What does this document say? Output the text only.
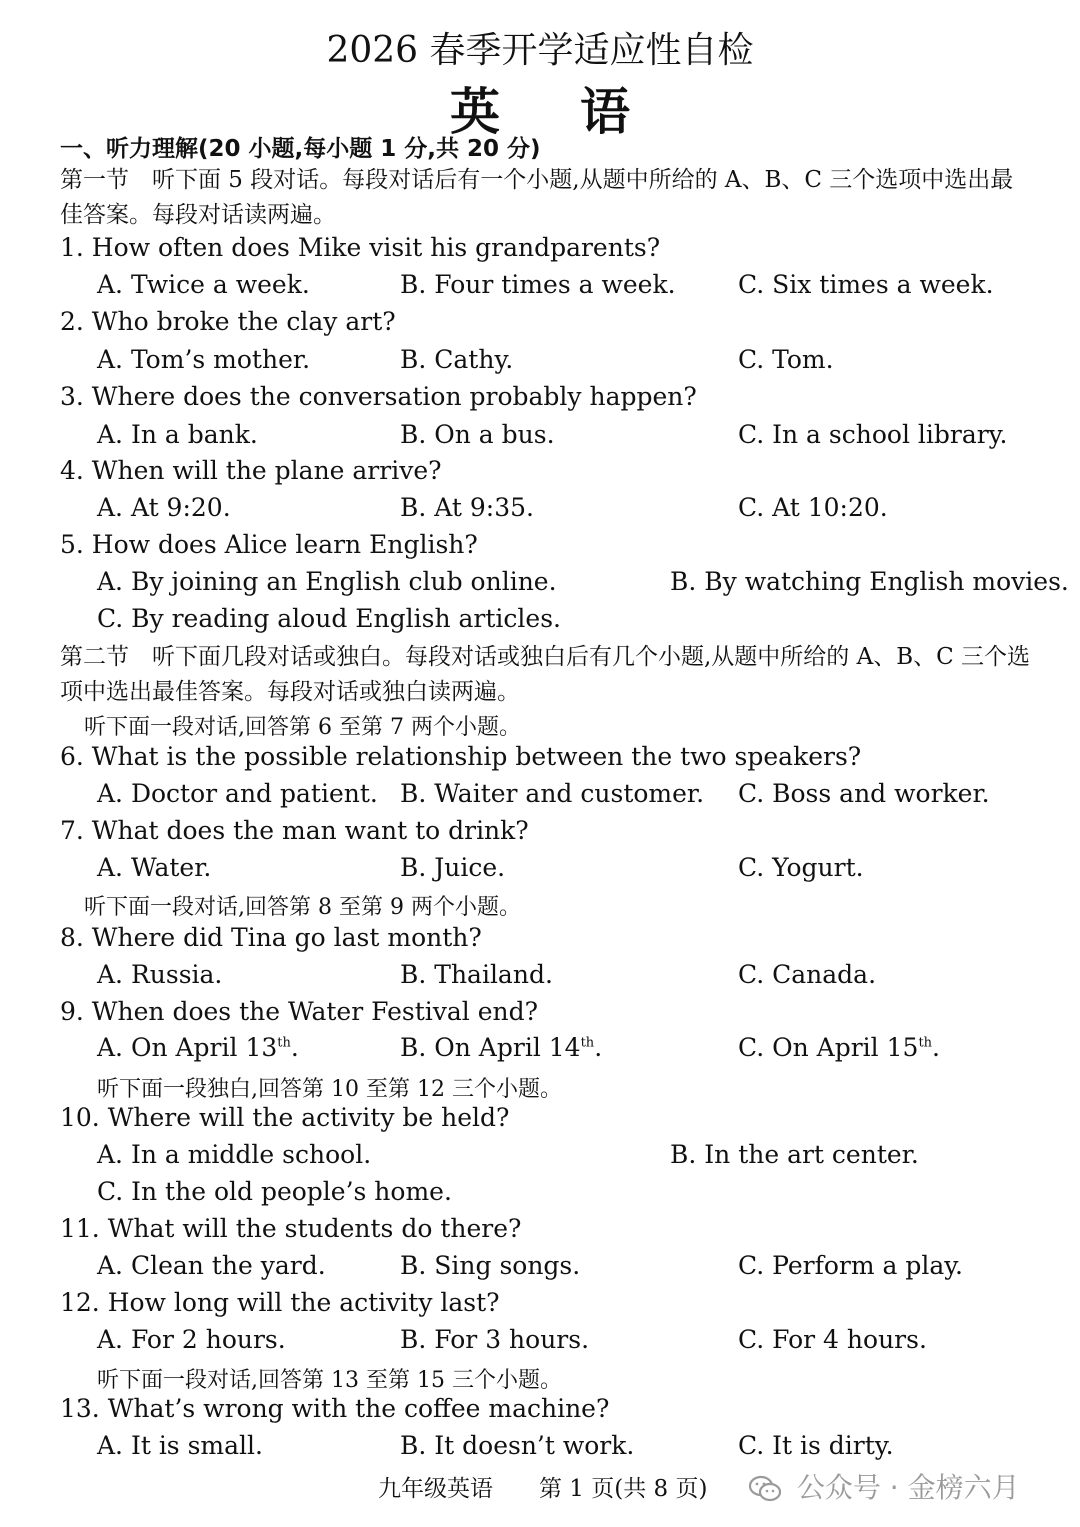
2026 春季开学适应性自检
英语
一、听力理解(20 小题,每小题 1 分,共 20 分)
第一节　听下面 5 段对话。每段对话后有一个小题,从题中所给的 A、B、C 三个选项中选出最佳答案。每段对话读两遍。
1. How often does Mike visit his grandparents?
A. Twice a week.	B. Four times a week. C. Six times a week.
2. Who broke the clay art?
A. Tom’s mother.	B. Cathy.	C. Tom.
3. Where does the conversation probably happen?
A. In a bank.	B. On a bus.	C. In a school library.
4. When will the plane arrive?
A. At 9:20.	B. At 9:35.	C. At 10:20.
5. How does Alice learn English?
A. By joining an English club online.	B. By watching English movies.
C. By reading aloud English articles.
6. What is the possible relationship between the two speakers?
A. Doctor and patient. B. Waiter and customer. C. Boss and worker.
7. What does the man want to drink?
A. Water.	B. Juice.	C. Yogurt.
8. Where did Tina go last month?
A. Russia.	B. Thailand.	C. Canada.
9. When does the Water Festival end?
A. On April 13th.	B. On April 14th.	C. On April 15th.
10. Where will the activity be held?
A. In a middle school.	B. In the art center.
C. In the old people’s home.
11. What will the students do there?
A. Clean the yard.	B. Sing songs.	C. Perform a play.
12. How long will the activity last?
A. For 2 hours.	B. For 3 hours.	C. For 4 hours.
13. What’s wrong with the coffee machine?
A. It is small.	B. It doesn’t work.	C. It is dirty.
第二节　听下面几段对话或独白。每段对话或独白后有几个小题,从题中所给的 A、B、C 三个选项中选出最佳答案。每段对话或独白读两遍。
听下面一段对话,回答第 6 至第 7 两个小题。
听下面一段对话,回答第 8 至第 9 两个小题。
听下面一段独白,回答第 10 至第 12 三个小题。
听下面一段对话,回答第 13 至第 15 三个小题。
九年级英语　　第 1 页(共 8 页)	公众号 · 金榜六月
